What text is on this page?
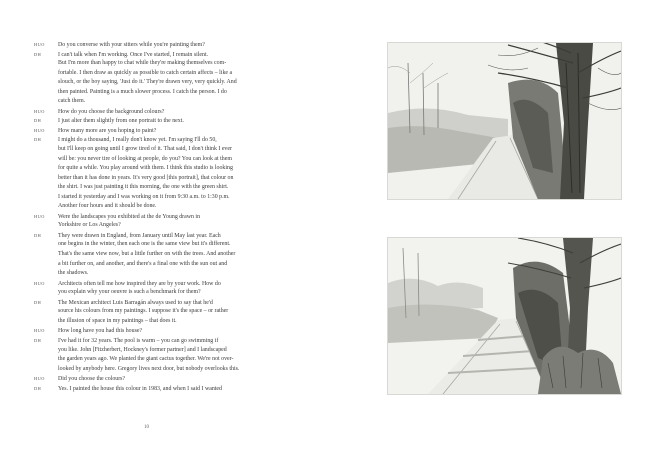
HUO	Do you converse with your sitters while you're painting them?
DH	I can't talk when I'm working. Once I've started, I remain silent.
But I'm more than happy to chat while they're making themselves com-
fortable. I then draw as quickly as possible to catch certain affects – like a
slouch, or the boy saying, 'Just do it.' They're drawn very, very quickly. And
then painted. Painting is a much slower process. I catch the person. I do
catch them.
HUO	How do you choose the background colours?
DH	I just alter them slightly from one portrait to the next.
HUO	How many more are you hoping to paint?
DH	I might do a thousand, I really don't know yet. I'm saying I'll do 50,
but I'll keep on going until I grow tired of it. That said, I don't think I ever
will be: you never tire of looking at people, do you? You can look at them
for quite a while. You play around with them. I think this studio is looking
better than it has done in years. It's very good [this portrait], that colour on
the shirt. I was just painting it this morning, the one with the green shirt.
I started it yesterday and I was working on it from 9:30 a.m. to 1:30 p.m.
Another four hours and it should be done.
HUO	Were the landscapes you exhibited at the de Young drawn in
Yorkshire or Los Angeles?
DH	They were drawn in England, from January until May last year. Each
one begins in the winter, then each one is the same view but it's different.
That's the same view now, but a little further on with the trees. And another
a bit further on, and another, and there's a final one with the sun out and
the shadows.
HUO	Architects often tell me how inspired they are by your work. How do
you explain why your oeuvre is such a benchmark for them?
DH	The Mexican architect Luis Barragán always used to say that he'd
source his colours from my paintings. I suppose it's the space – or rather
the illusion of space in my paintings – that does it.
HUO	How long have you had this house?
DH	I've had it for 32 years. The pool is warm – you can go swimming if
you like. John [Fitzherbert, Hockney's former partner] and I landscaped
the garden years ago. We planted the giant cactus together. We're not over-
looked by anybody here. Gregory lives next door, but nobody overlooks this.
HUO	Did you choose the colours?
DH	Yes. I painted the house this colour in 1983, and when I said I wanted
10
